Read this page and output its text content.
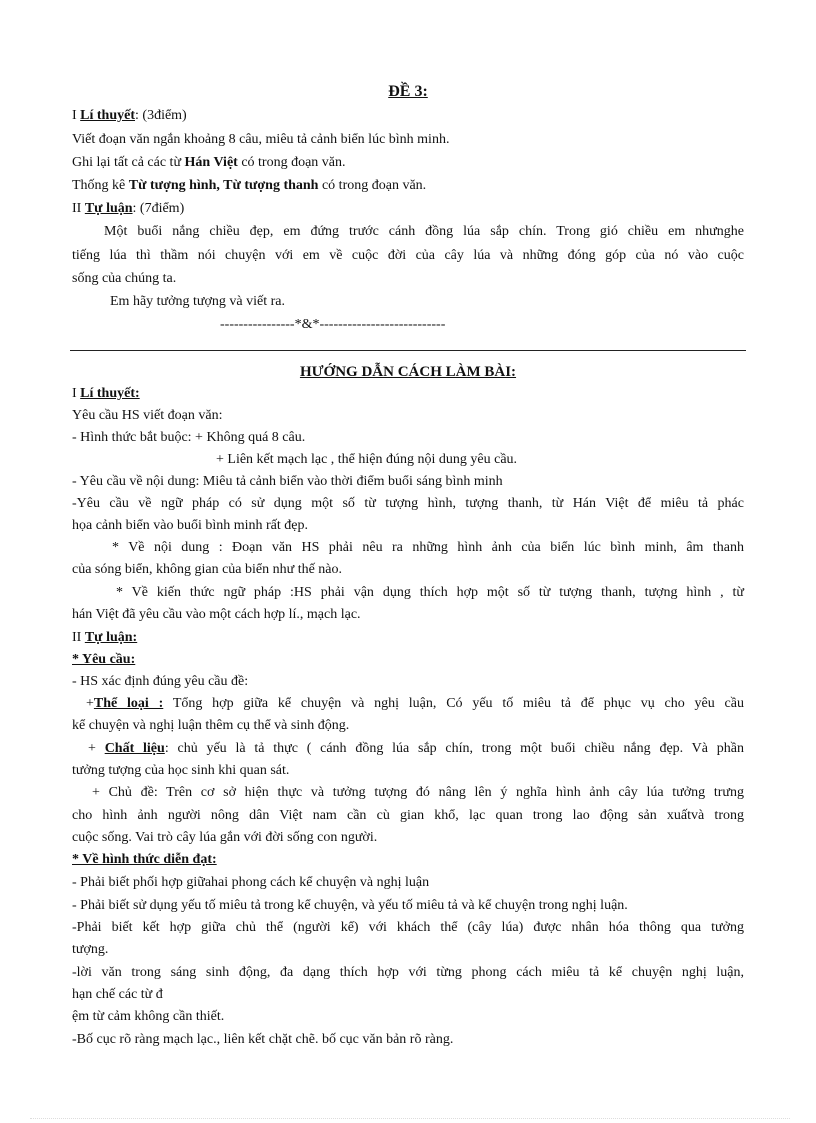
ĐỀ 3:
I Lí thuyết: (3điểm)
Viết đoạn văn ngắn khoảng 8 câu, miêu tả cảnh biển lúc bình minh.
Ghi lại tất cả các từ Hán Việt có trong đoạn văn.
Thống kê Từ tượng hình, Từ tượng thanh có trong đoạn văn.
II Tự luận: (7điểm)
Một buổi nắng chiều đẹp, em đứng trước cánh đồng lúa sắp chín. Trong gió chiều em nhưnghe
tiếng lúa thì thầm nói chuyện với em về cuộc đời của cây lúa và những đóng góp của nó vào cuộc
sống của chúng ta.
Em hãy tưởng tượng và viết ra.
----------------*&*---------------------------
HƯỚNG DẪN CÁCH LÀM BÀI:
I Lí thuyết:
Yêu cầu HS viết đoạn văn:
- Hình thức bắt buộc: + Không quá 8 câu.
+ Liên kết mạch lạc , thể hiện đúng nội dung yêu cầu.
- Yêu cầu về nội dung: Miêu tả cảnh biển vào thời điểm buổi sáng bình minh
-Yêu cầu về ngữ pháp có sử dụng một số từ tượng hình, tượng thanh, từ Hán Việt để miêu tả phác
họa cảnh biển vào buổi bình minh rất đẹp.
* Về nội dung : Đoạn văn HS phải nêu ra những hình ảnh của biển lúc bình minh, âm thanh
của sóng biển, không gian của biển như thế nào.
* Về kiến thức ngữ pháp :HS phải vận dụng thích hợp một số từ tượng thanh, tượng hình , từ
hán Việt đã yêu cầu vào một cách hợp lí., mạch lạc.
II Tự luận:
* Yêu cầu:
- HS xác định đúng yêu cầu đề:
+Thể loại : Tổng hợp giữa kể chuyện và nghị luận, Có yếu tố miêu tả để phục vụ cho yêu cầu
kể chuyện và nghị luận thêm cụ thể và sinh động.
+ Chất liệu: chủ yếu là tả thực ( cánh đồng lúa sắp chín, trong một buổi chiều nắng đẹp. Và phần
tưởng tượng của học sinh khi quan sát.
+ Chủ đề: Trên cơ sở hiện thực và tưởng tượng đó nâng lên ý nghĩa hình ảnh cây lúa tưởng trưng
cho hình ảnh người nông dân Việt nam cần cù gian khổ, lạc quan trong lao động sản xuấtvà trong
cuộc sống. Vai trò cây lúa gắn với đời sống con người.
* Về hình thức diễn đạt:
- Phải biết phối hợp giữahai phong cách kể chuyện và nghị luận
- Phải biết sử dụng yếu tố miêu tả trong kể chuyện, và yếu tố miêu tả và kể chuyện trong nghị luận.
-Phải biết kết hợp giữa chủ thể (người kể) với khách thể (cây lúa) được nhân hóa thông qua tưởng
tượng.
-lời văn trong sáng sinh động, đa dạng thích hợp với từng phong cách miêu tả kể chuyện nghị luận,
hạn chế các từ đ
ệm từ cảm không cần thiết.
-Bố cục rõ ràng mạch lạc., liên kết chặt chẽ. bố cục văn bản rõ ràng.
